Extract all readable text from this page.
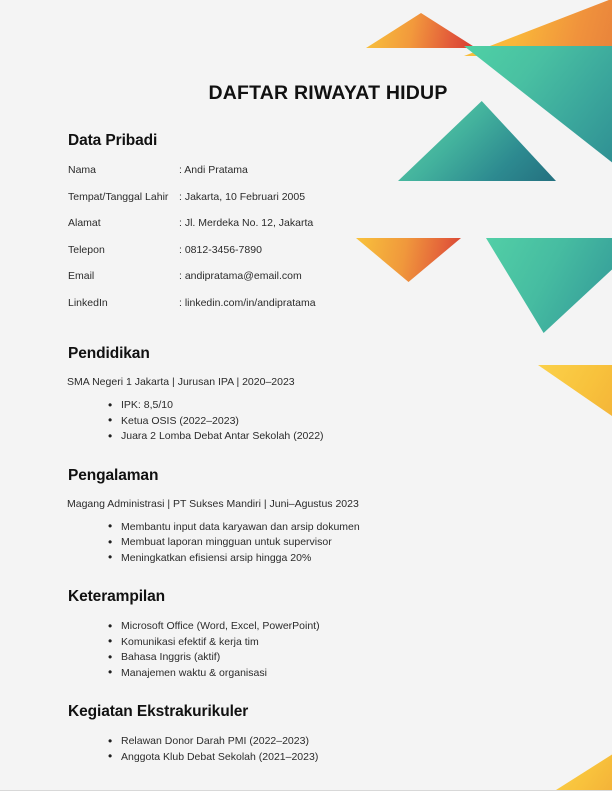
DAFTAR RIWAYAT HIDUP
Data Pribadi
Nama	: Andi Pratama
Tempat/Tanggal Lahir	: Jakarta, 10 Februari 2005
Alamat	: Jl. Merdeka No. 12, Jakarta
Telepon	: 0812-3456-7890
Email	: andipratama@email.com
LinkedIn	: linkedin.com/in/andipratama
Pendidikan
SMA Negeri 1 Jakarta | Jurusan IPA | 2020–2023
• IPK: 8,5/10
• Ketua OSIS (2022–2023)
• Juara 2 Lomba Debat Antar Sekolah (2022)
Pengalaman
Magang Administrasi | PT Sukses Mandiri | Juni–Agustus 2023
• Membantu input data karyawan dan arsip dokumen
• Membuat laporan mingguan untuk supervisor
• Meningkatkan efisiensi arsip hingga 20%
Keterampilan
• Microsoft Office (Word, Excel, PowerPoint)
• Komunikasi efektif & kerja tim
• Bahasa Inggris (aktif)
• Manajemen waktu & organisasi
Kegiatan Ekstrakurikuler
• Relawan Donor Darah PMI (2022–2023)
• Anggota Klub Debat Sekolah (2021–2023)
